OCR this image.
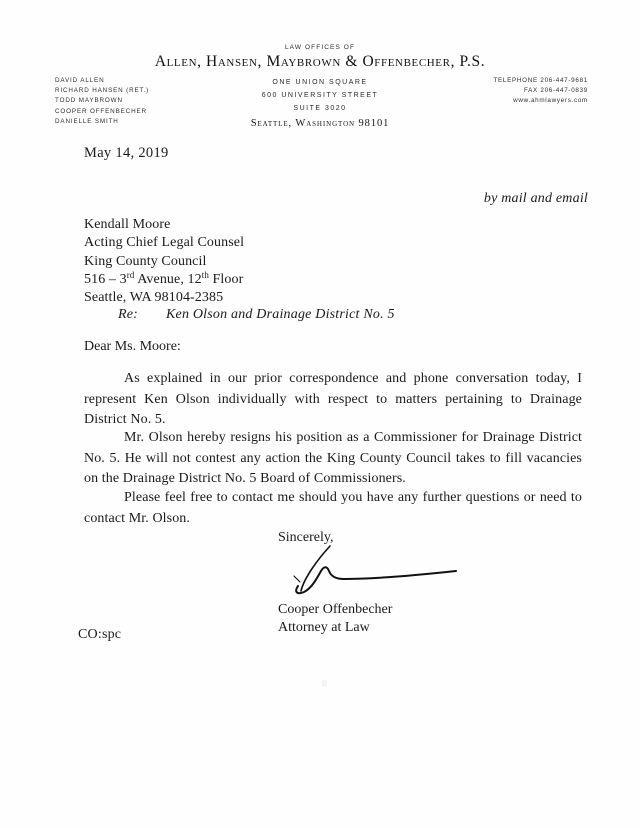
LAW OFFICES OF
Allen, Hansen, Maybrown & Offenbecher, P.S.
DAVID ALLEN
RICHARD HANSEN (RET.)
TODD MAYBROWN
COOPER OFFENBECHER
DANIELLE SMITH
ONE UNION SQUARE
600 UNIVERSITY STREET
SUITE 3020
Seattle, Washington 98101
TELEPHONE 206-447-9681
FAX 206-447-0839
www.ahmlawyers.com
May 14, 2019
by mail and email
Kendall Moore
Acting Chief Legal Counsel
King County Council
516 – 3rd Avenue, 12th Floor
Seattle, WA 98104-2385
Re: Ken Olson and Drainage District No. 5
Dear Ms. Moore:

As explained in our prior correspondence and phone conversation today, I represent Ken Olson individually with respect to matters pertaining to Drainage District No. 5.

Mr. Olson hereby resigns his position as a Commissioner for Drainage District No. 5. He will not contest any action the King County Council takes to fill vacancies on the Drainage District No. 5 Board of Commissioners.

Please feel free to contact me should you have any further questions or need to contact Mr. Olson.

Sincerely,
Cooper Offenbecher
Attorney at Law
CO:spc
